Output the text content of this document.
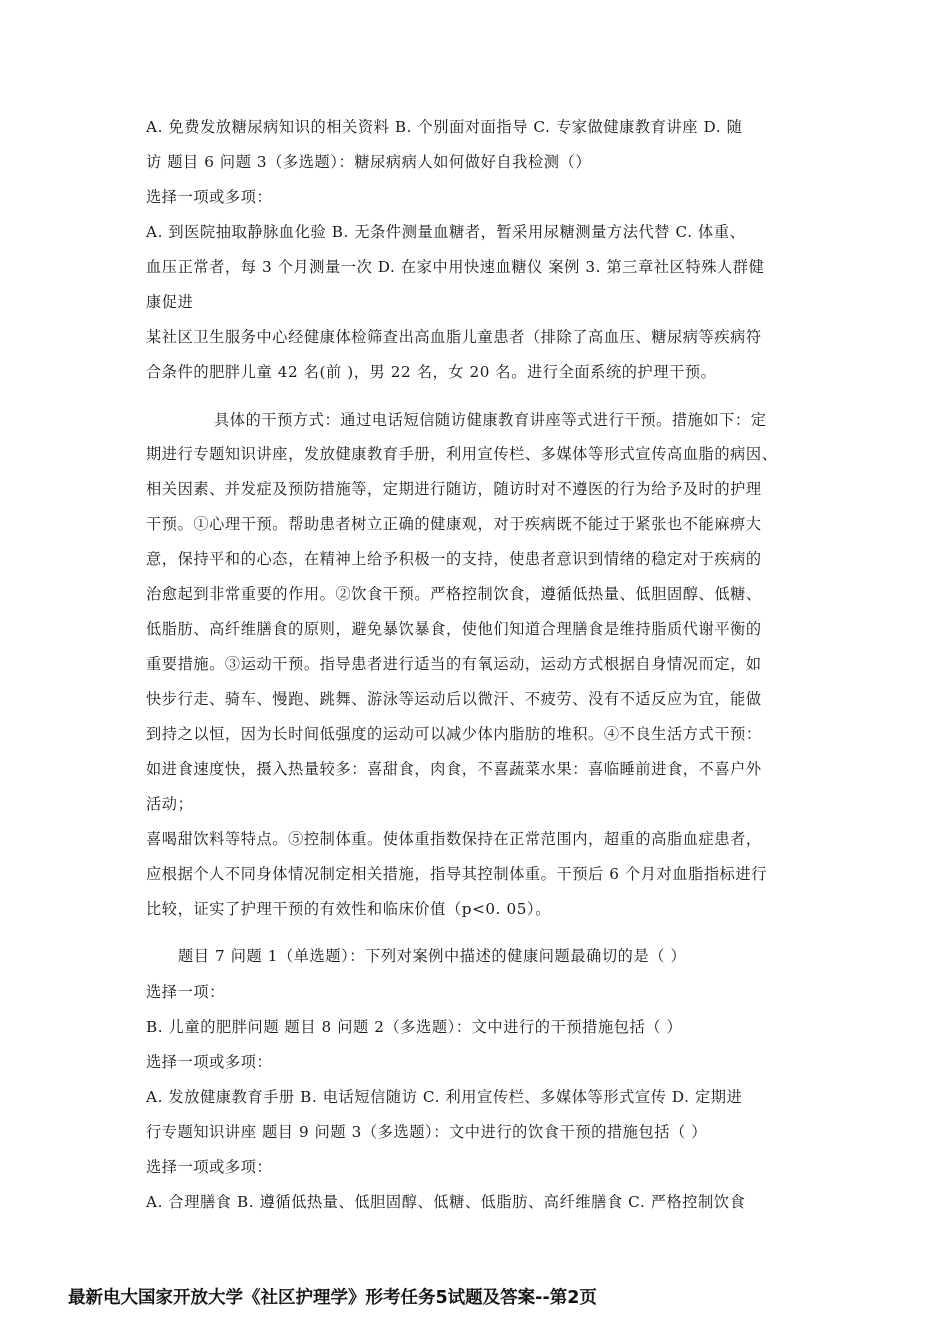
A. 免费发放糖尿病知识的相关资料 B. 个别面对面指导 C. 专家做健康教育讲座 D. 随
访 题目 6 问题 3（多选题）：糖尿病病人如何做好自我检测（）
选择一项或多项：
A. 到医院抽取静脉血化验 B. 无条件测量血糖者，暂采用尿糖测量方法代替 C. 体重、
血压正常者，每 3 个月测量一次 D. 在家中用快速血糖仪 案例 3. 第三章社区特殊人群健
康促进
某社区卫生服务中心经健康体检筛查出高血脂儿童患者（排除了高血压、糖尿病等疾病符
合条件的肥胖儿童 42 名(前 )，男 22 名，女 20 名。进行全面系统的护理干预。
具体的干预方式：通过电话短信随访健康教育讲座等式进行干预。措施如下：定
期进行专题知识讲座，发放健康教育手册，利用宣传栏、多媒体等形式宣传高血脂的病因、
相关因素、并发症及预防措施等，定期进行随访，随访时对不遵医的行为给予及时的护理
干预。①心理干预。帮助患者树立正确的健康观，对于疾病既不能过于紧张也不能麻痹大
意，保持平和的心态，在精神上给予积极一的支持，使患者意识到情绪的稳定对于疾病的
治愈起到非常重要的作用。②饮食干预。严格控制饮食，遵循低热量、低胆固醇、低糖、
低脂肪、高纤维膳食的原则，避免暴饮暴食，使他们知道合理膳食是维持脂质代谢平衡的
重要措施。③运动干预。指导患者进行适当的有氧运动，运动方式根据自身情况而定，如
快步行走、骑车、慢跑、跳舞、游泳等运动后以微汗、不疲劳、没有不适反应为宜，能做
到持之以恒，因为长时间低强度的运动可以减少体内脂肪的堆积。④不良生活方式干预：
如进食速度快，摄入热量较多：喜甜食，肉食，不喜蔬菜水果：喜临睡前进食，不喜户外
活动；
喜喝甜饮料等特点。⑤控制体重。使体重指数保持在正常范围内，超重的高脂血症患者，
应根据个人不同身体情况制定相关措施，指导其控制体重。干预后 6 个月对血脂指标进行
比较，证实了护理干预的有效性和临床价值（p<0. 05）。
题目 7 问题 1（单选题）：下列对案例中描述的健康问题最确切的是（ ）
选择一项：
B. 儿童的肥胖问题 题目 8 问题 2（多选题）：文中进行的干预措施包括（ ）
选择一项或多项：
A. 发放健康教育手册 B. 电话短信随访 C. 利用宣传栏、多媒体等形式宣传 D. 定期进
行专题知识讲座 题目 9 问题 3（多选题）：文中进行的饮食干预的措施包括（ ）
选择一项或多项：
A. 合理膳食 B. 遵循低热量、低胆固醇、低糖、低脂肪、高纤维膳食 C. 严格控制饮食
最新电大国家开放大学《社区护理学》形考任务5试题及答案--第2页
